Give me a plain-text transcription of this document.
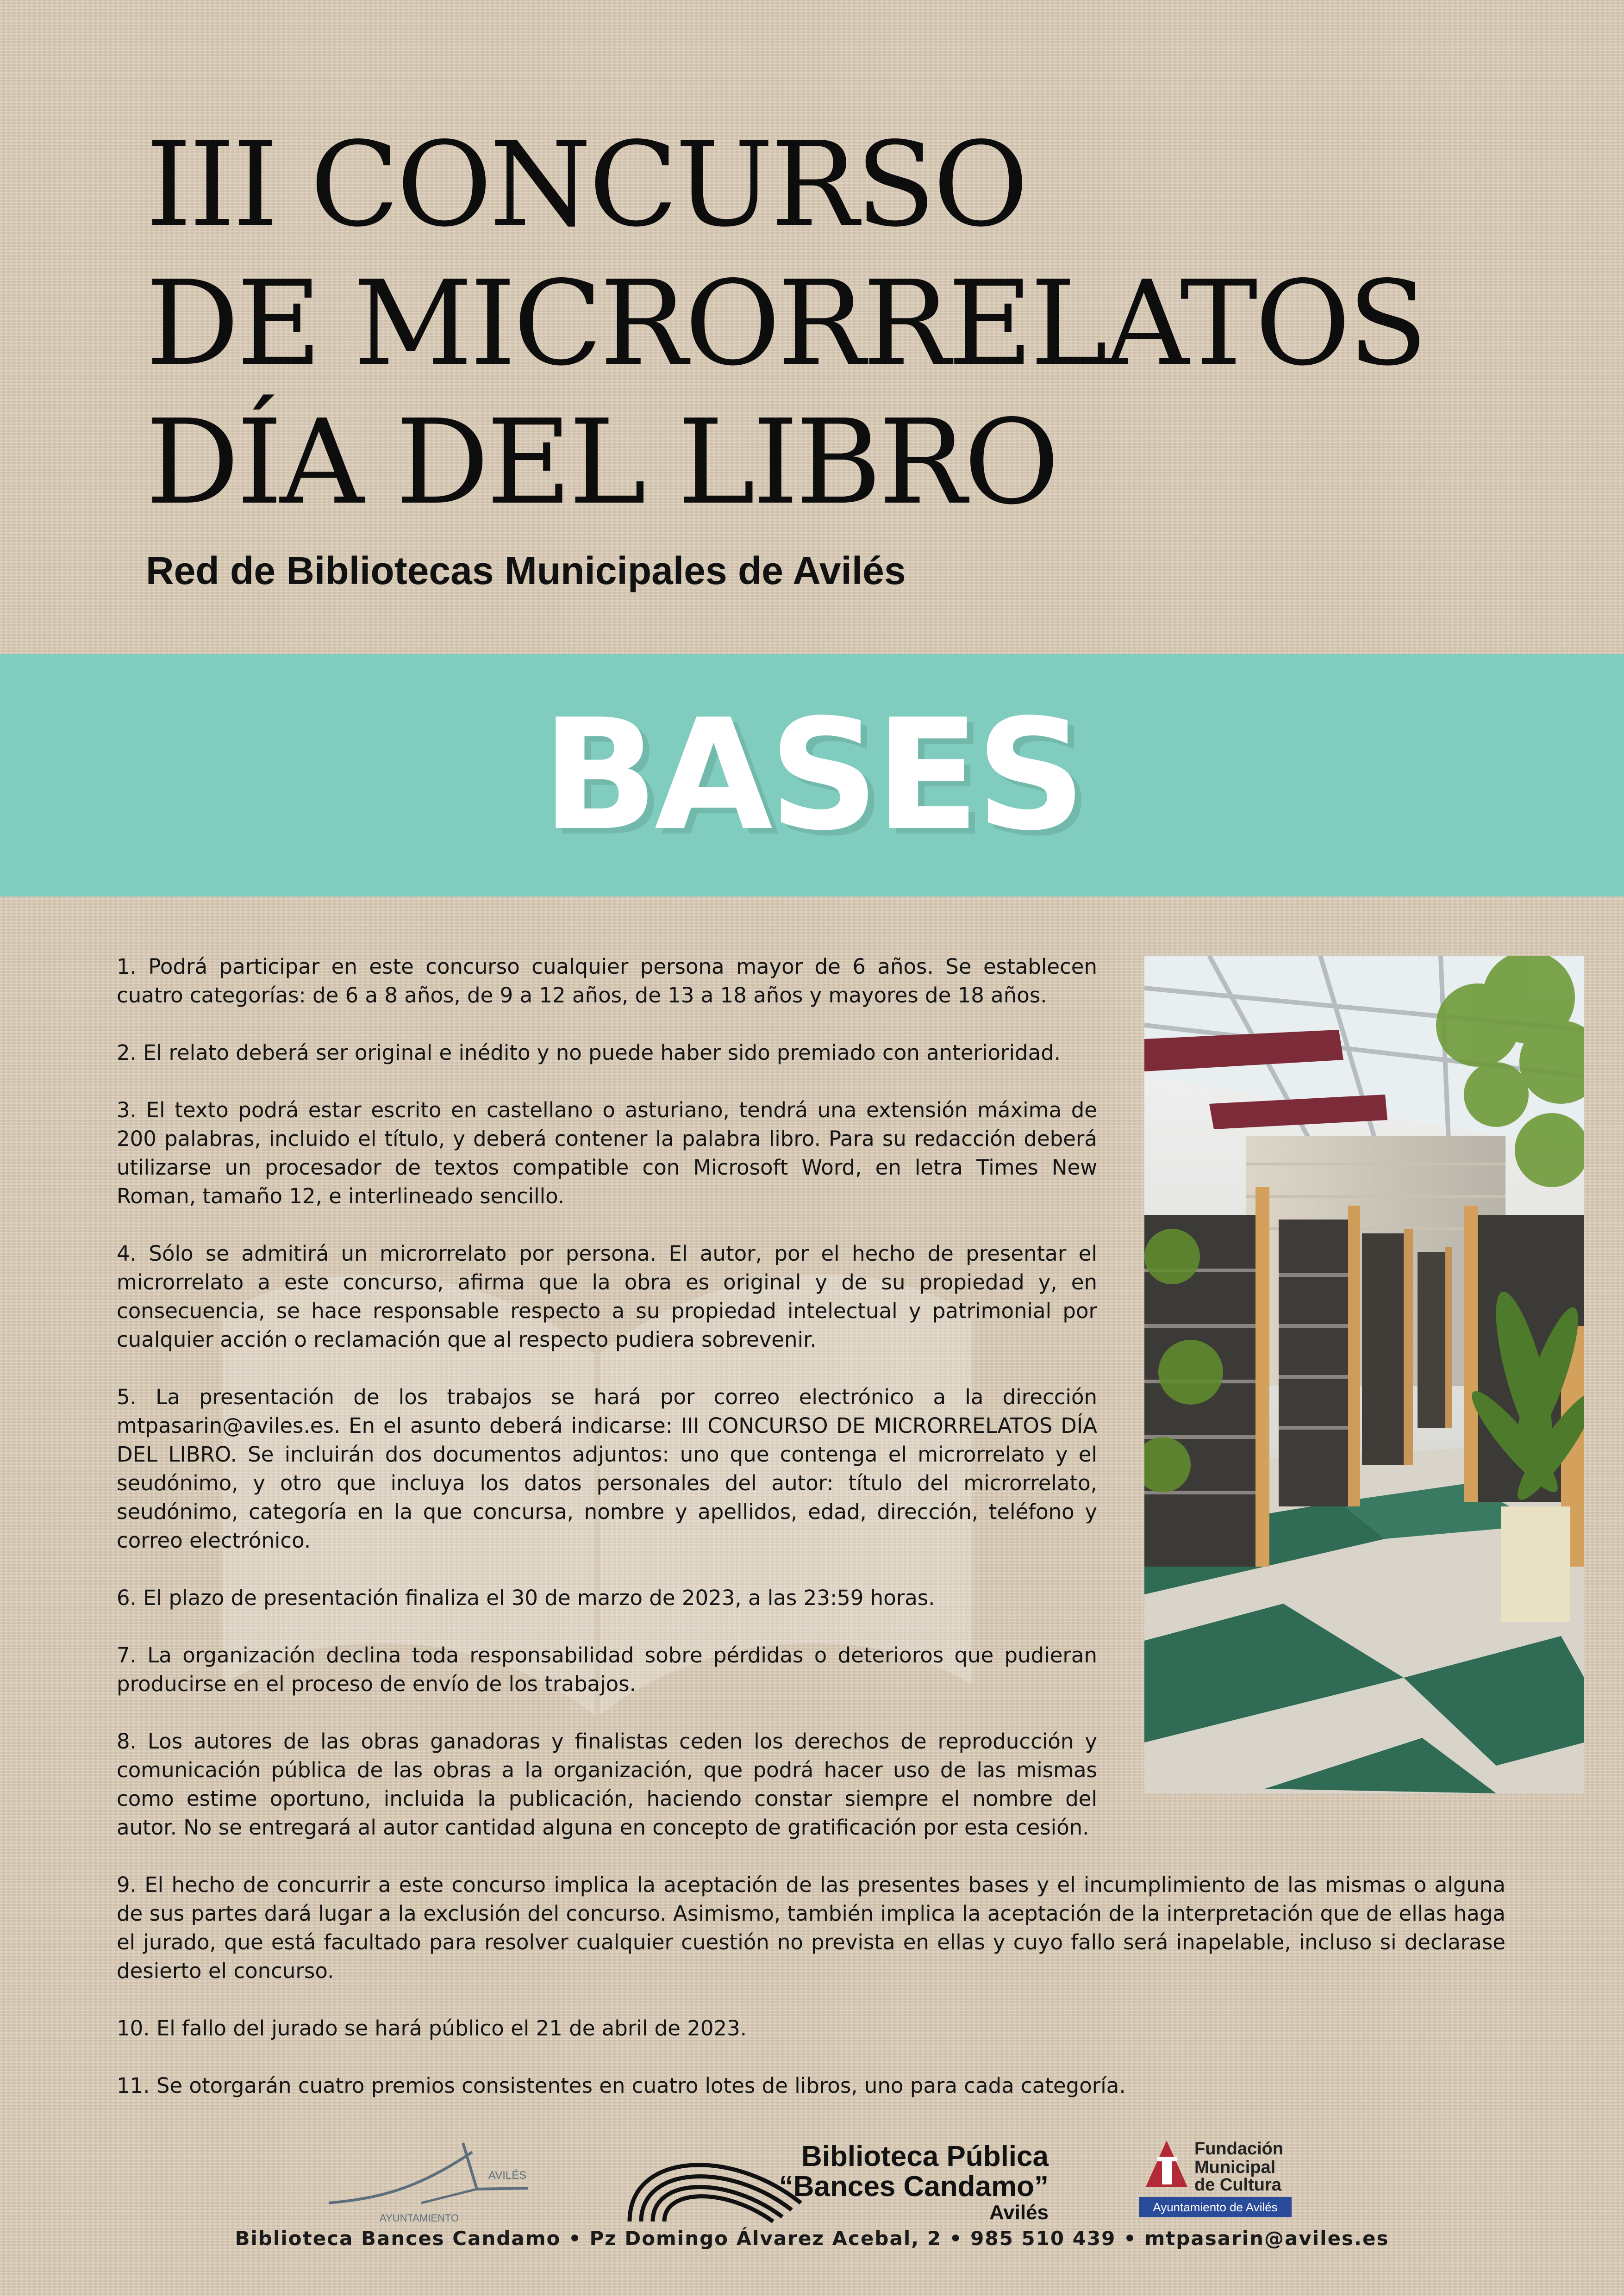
III CONCURSO
DE MICRORRELATOS
DÍA DEL LIBRO
Red de Bibliotecas Municipales de Avilés
BASES

1. Podrá participar en este concurso cualquier persona mayor de 6 años. Se establecen cuatro categorías: de 6 a 8 años, de 9 a 12 años, de 13 a 18 años y mayores de 18 años.

2. El relato deberá ser original e inédito y no puede haber sido premiado con anterioridad.

3. El texto podrá estar escrito en castellano o asturiano, tendrá una extensión máxima de 200 palabras, incluido el título, y deberá contener la palabra libro. Para su redacción deberá utilizarse un procesador de textos compatible con Microsoft Word, en letra Times New Roman, tamaño 12, e interlineado sencillo.

4. Sólo se admitirá un microrrelato por persona. El autor, por el hecho de presentar el microrrelato a este concurso, afirma que la obra es original y de su propiedad y, en consecuencia, se hace responsable respecto a su propiedad intelectual y patrimonial por cualquier acción o reclamación que al respecto pudiera sobrevenir.

5. La presentación de los trabajos se hará por correo electrónico a la dirección mtpasarin@aviles.es. En el asunto deberá indicarse: III CONCURSO DE MICRORRELATOS DÍA DEL LIBRO. Se incluirán dos documentos adjuntos: uno que contenga el microrrelato y el seudónimo, y otro que incluya los datos personales del autor: título del microrrelato, seudónimo, categoría en la que concursa, nombre y apellidos, edad, dirección, teléfono y correo electrónico.

6. El plazo de presentación finaliza el 30 de marzo de 2023, a las 23:59 horas.

7. La organización declina toda responsabilidad sobre pérdidas o deterioros que pudieran producirse en el proceso de envío de los trabajos.

8. Los autores de las obras ganadoras y finalistas ceden los derechos de reproducción y comunicación pública de las obras a la organización, que podrá hacer uso de las mismas como estime oportuno, incluida la publicación, haciendo constar siempre el nombre del autor. No se entregará al autor cantidad alguna en concepto de gratificación por esta cesión.

9. El hecho de concurrir a este concurso implica la aceptación de las presentes bases y el incumplimiento de las mismas o alguna de sus partes dará lugar a la exclusión del concurso. Asimismo, también implica la aceptación de la interpretación que de ellas haga el jurado, que está facultado para resolver cualquier cuestión no prevista en ellas y cuyo fallo será inapelable, incluso si declarase desierto el concurso.

10. El fallo del jurado se hará público el 21 de abril de 2023.

11. Se otorgarán cuatro premios consistentes en cuatro lotes de libros, uno para cada categoría.

AVILÉS
AYUNTAMIENTO
Biblioteca Pública
“Bances Candamo”
Avilés
Fundación
Municipal
de Cultura
Ayuntamiento de Avilés
Biblioteca Bances Candamo • Pz Domingo Álvarez Acebal, 2 • 985 510 439 • mtpasarin@aviles.es
